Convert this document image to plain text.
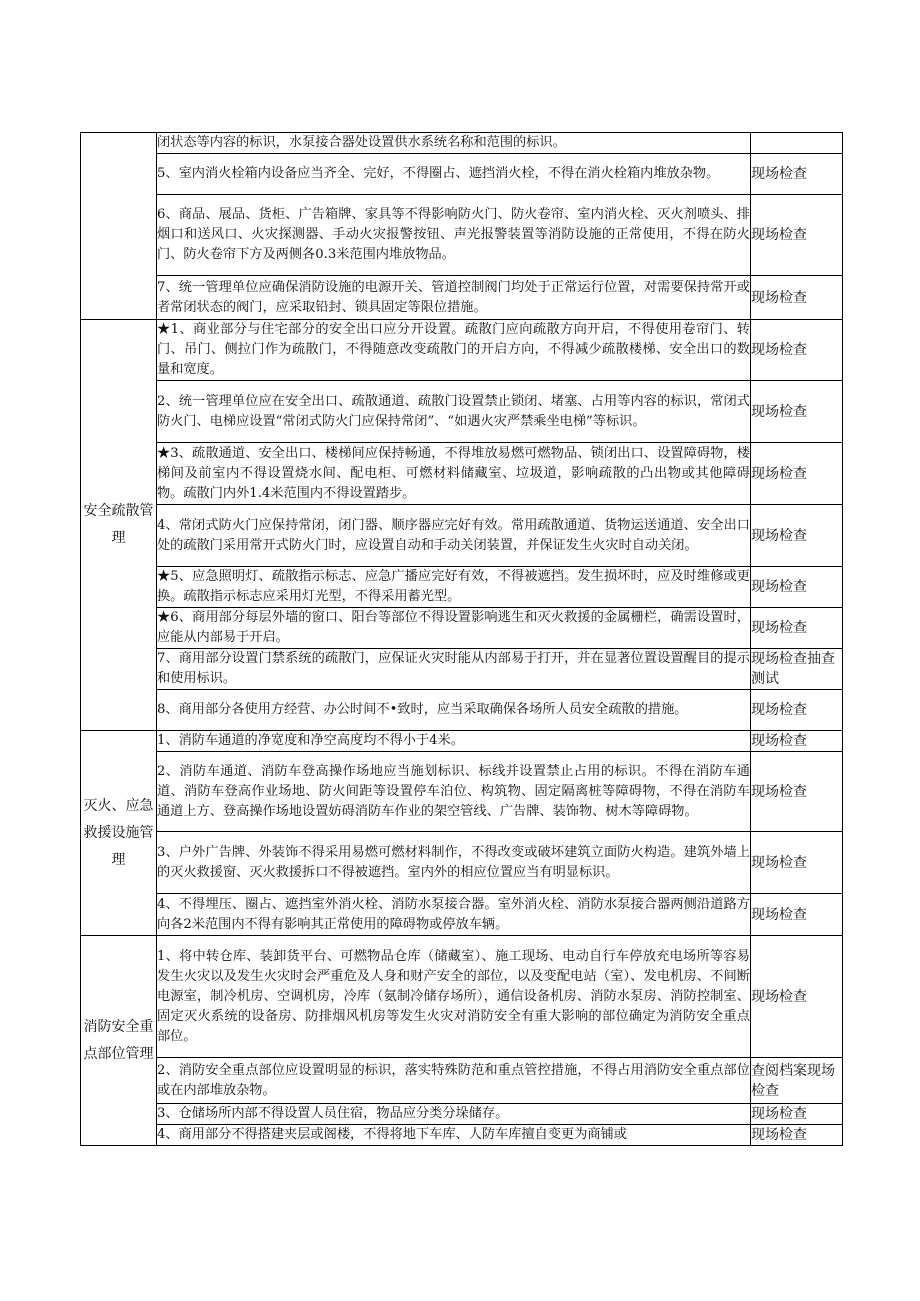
	闭状态等内容的标识，水泵接合器处设置供水系统名称和范围的标识。	
	5、室内消火栓箱内设备应当齐全、完好，不得圈占、遮挡消火栓，不得在消火栓箱内堆放杂物。	现场检查
	6、商品、展品、货柜、广告箱牌、家具等不得影响防火门、防火卷帘、室内消火栓、灭火剂喷头、排烟口和送风口、火灾探测器、手动火灾报警按钮、声光报警装置等消防设施的正常使用，不得在防火门、防火卷帘下方及两侧各0.3米范围内堆放物品。	现场检查
	7、统一管理单位应确保消防设施的电源开关、管道控制阀门均处于正常运行位置，对需要保持常开或者常闭状态的阀门，应采取铅封、锁具固定等限位措施。	现场检查
安全疏散管理	★1、商业部分与住宅部分的安全出口应分开设置。疏散门应向疏散方向开启，不得使用卷帘门、转门、吊门、侧拉门作为疏散门，不得随意改变疏散门的开启方向，不得减少疏散楼梯、安全出口的数量和宽度。	现场检查
	2、统一管理单位应在安全出口、疏散通道、疏散门设置禁止锁闭、堵塞、占用等内容的标识，常闭式防火门、电梯应设置“常闭式防火门应保持常闭”、“如遇火灾严禁乘坐电梯”等标识。	现场检查
	★3、疏散通道、安全出口、楼梯间应保持畅通，不得堆放易燃可燃物品、锁闭出口、设置障碍物，楼梯间及前室内不得设置烧水间、配电柜、可燃材料储藏室、垃圾道，影响疏散的凸出物或其他障碍物。疏散门内外1.4米范围内不得设置踏步。	现场检查
	4、常闭式防火门应保持常闭，闭门器、顺序器应完好有效。常用疏散通道、货物运送通道、安全出口处的疏散门采用常开式防火门时，应设置自动和手动关闭装置，并保证发生火灾时自动关闭。	现场检查
	★5、应急照明灯、疏散指示标志、应急广播应完好有效，不得被遮挡。发生损坏时，应及时维修或更换。疏散指示标志应采用灯光型，不得采用蓄光型。	现场检查
	★6、商用部分每层外墙的窗口、阳台等部位不得设置影响逃生和灭火救援的金属栅栏，确需设置时，应能从内部易于开启。	现场检查
	7、商用部分设置门禁系统的疏散门，应保证火灾时能从内部易于打开，并在显著位置设置醒目的提示和使用标识。	现场检查抽查测试
	8、商用部分各使用方经营、办公时间不•致时，应当采取确保各场所人员安全疏散的措施。	现场检查
灭火、应急救援设施管理	1、消防车通道的净宽度和净空高度均不得小于4米。	现场检查
	2、消防车通道、消防车登高操作场地应当施划标识、标线并设置禁止占用的标识。不得在消防车通道、消防车登高作业场地、防火间距等设置停车泊位、构筑物、固定隔离桩等障碍物，不得在消防车通道上方、登高操作场地设置妨碍消防车作业的架空管线、广告牌、装饰物、树木等障碍物。	现场检查
	3、户外广告牌、外装饰不得采用易燃可燃材料制作，不得改变或破坏建筑立面防火构造。建筑外墙上的灭火救援窗、灭火救援拆口不得被遮挡。室内外的相应位置应当有明显标识。	现场检查
	4、不得埋压、圈占、遮挡室外消火栓、消防水泵接合器。室外消火栓、消防水泵接合器两侧沿道路方向各2米范围内不得有影响其正常使用的障碍物或停放车辆。	现场检查
消防安全重点部位管理	1、将中转仓库、装卸货平台、可燃物品仓库（储藏室）、施工现场、电动自行车停放充电场所等容易发生火灾以及发生火灾时会严重危及人身和财产安全的部位，以及变配电站（室）、发电机房、不间断电源室，制冷机房、空调机房，冷库（氨制冷储存场所），通信设备机房、消防水泵房、消防控制室、固定灭火系统的设备房、防排烟风机房等发生火灾对消防安全有重大影响的部位确定为消防安全重点部位。	现场检查
	2、消防安全重点部位应设置明显的标识，落实特殊防范和重点管控措施，不得占用消防安全重点部位或在内部堆放杂物。	查阅档案现场检查
	3、仓储场所内部不得设置人员住宿，物品应分类分垛储存。	现场检查
	4、商用部分不得搭建夹层或阁楼，不得将地下车库、人防车库擅自变更为商铺或	现场检查
